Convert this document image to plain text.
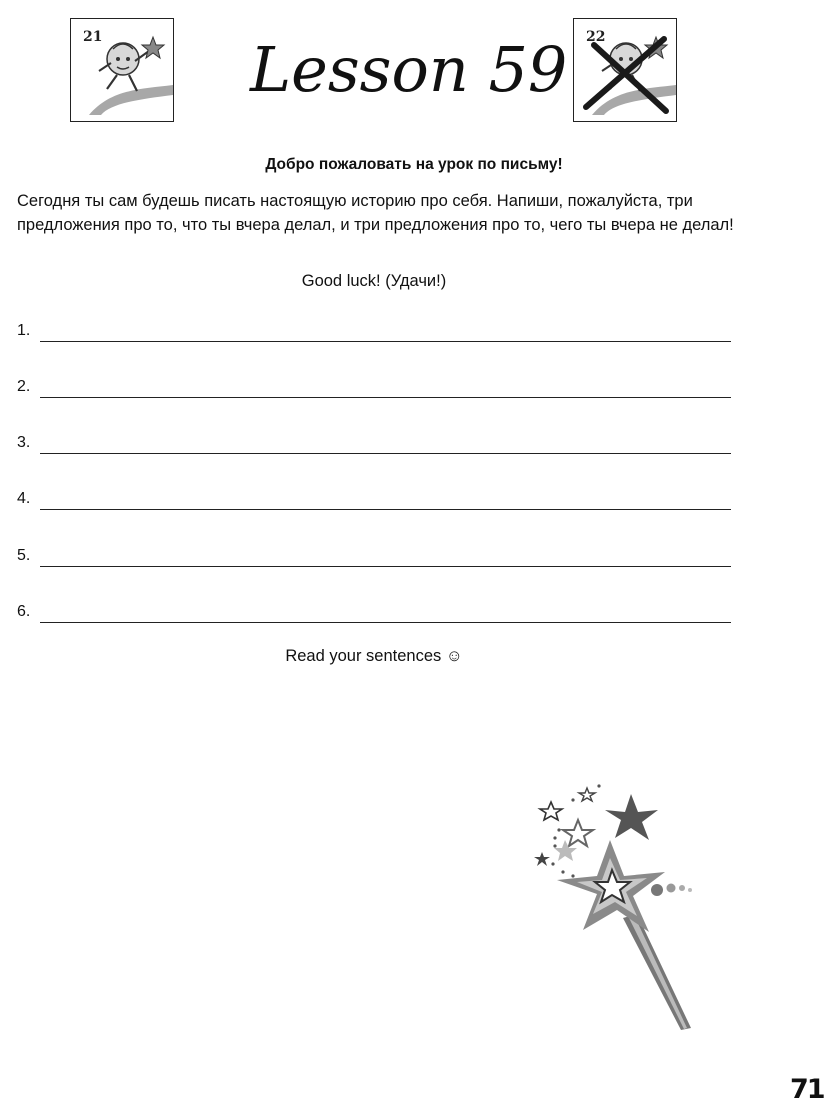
21 Lesson 59 22
Добро пожаловать на урок по письму!
Сегодня ты сам будешь писать настоящую историю про себя. Напиши, пожалуйста, три предложения про то, что ты вчера делал, и три предложения про то, чего ты вчера не делал!
Good luck! (Удачи!)
1.
2.
3.
4.
5.
6.
Read your sentences ☺
71
